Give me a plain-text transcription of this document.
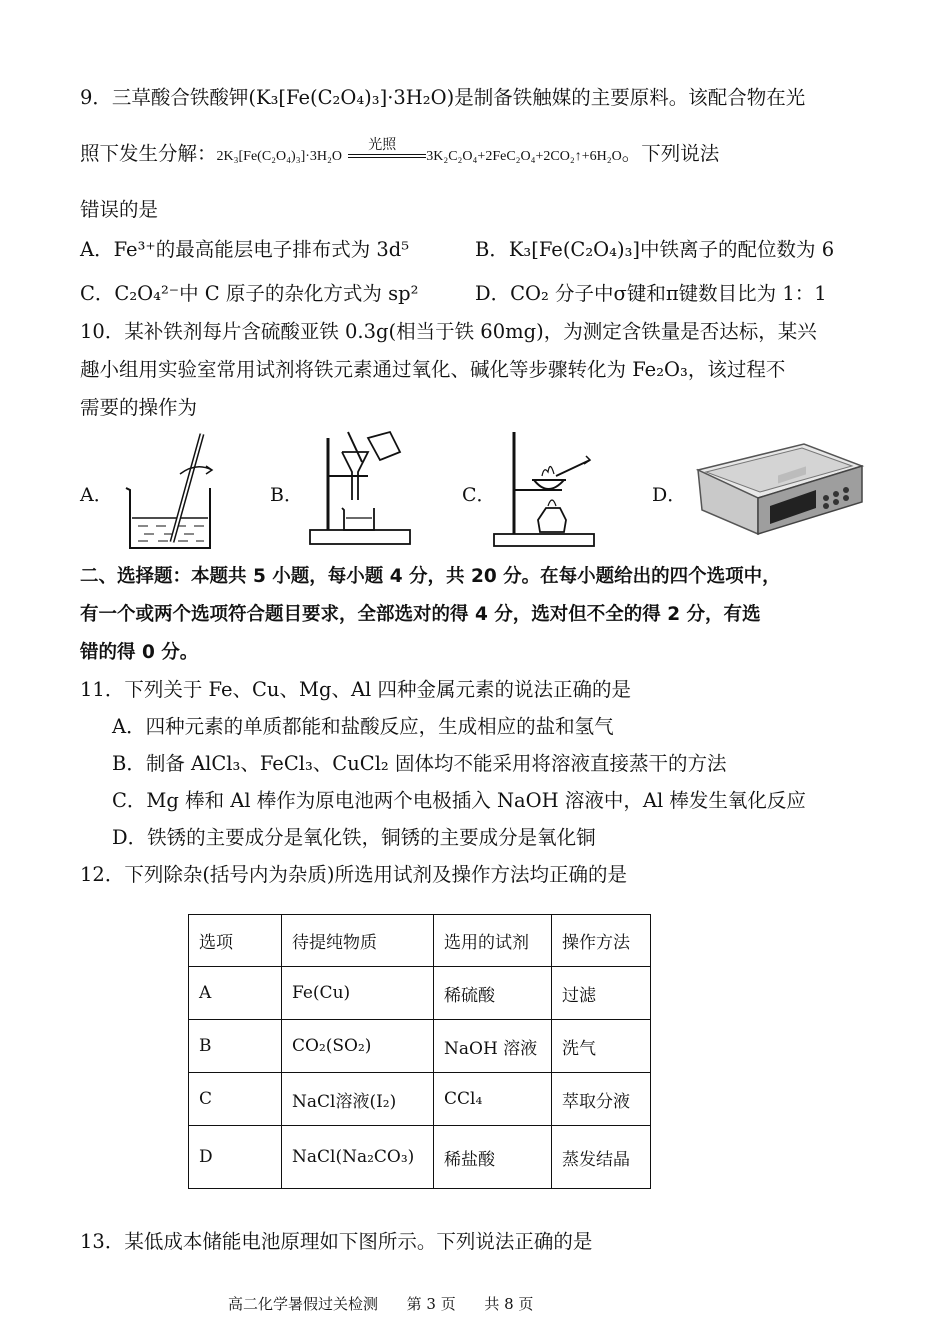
9．三草酸合铁酸钾(K₃[Fe(C₂O₄)₃]·3H₂O)是制备铁触媒的主要原料。该配合物在光
照下发生分解：2K₃[Fe(C₂O₄)₃]·3H₂O
光照
3K₂C₂O₄+2FeC₂O₄+2CO₂↑+6H₂O。下列说法
错误的是
A．Fe³⁺的最高能层电子排布式为 3d⁵	B．K₃[Fe(C₂O₄)₃]中铁离子的配位数为 6
C．C₂O₄²⁻中 C 原子的杂化方式为 sp²	D．CO₂ 分子中σ键和π键数目比为 1：1
10．某补铁剂每片含硫酸亚铁 0.3g(相当于铁 60mg)，为测定含铁量是否达标，某兴
趣小组用实验室常用试剂将铁元素通过氧化、碱化等步骤转化为 Fe₂O₃，该过程不
需要的操作为
A．	B．	C．	D．
二、选择题：本题共 5 小题，每小题 4 分，共 20 分。在每小题给出的四个选项中，
有一个或两个选项符合题目要求，全部选对的得 4 分，选对但不全的得 2 分，有选
错的得 0 分。
11．下列关于 Fe、Cu、Mg、Al 四种金属元素的说法正确的是
A．四种元素的单质都能和盐酸反应，生成相应的盐和氢气
B．制备 AlCl₃、FeCl₃、CuCl₂ 固体均不能采用将溶液直接蒸干的方法
C．Mg 棒和 Al 棒作为原电池两个电极插入 NaOH 溶液中，Al 棒发生氧化反应
D．铁锈的主要成分是氧化铁，铜锈的主要成分是氧化铜
12．下列除杂(括号内为杂质)所选用试剂及操作方法均正确的是
选项	待提纯物质	选用的试剂	操作方法
A	Fe(Cu)	稀硫酸	过滤
B	CO₂(SO₂)	NaOH 溶液	洗气
C	NaCl溶液(I₂)	CCl₄	萃取分液
D	NaCl(Na₂CO₃)	稀盐酸	蒸发结晶
13．某低成本储能电池原理如下图所示。下列说法正确的是
高二化学暑假过关检测 第 3 页 共 8 页
